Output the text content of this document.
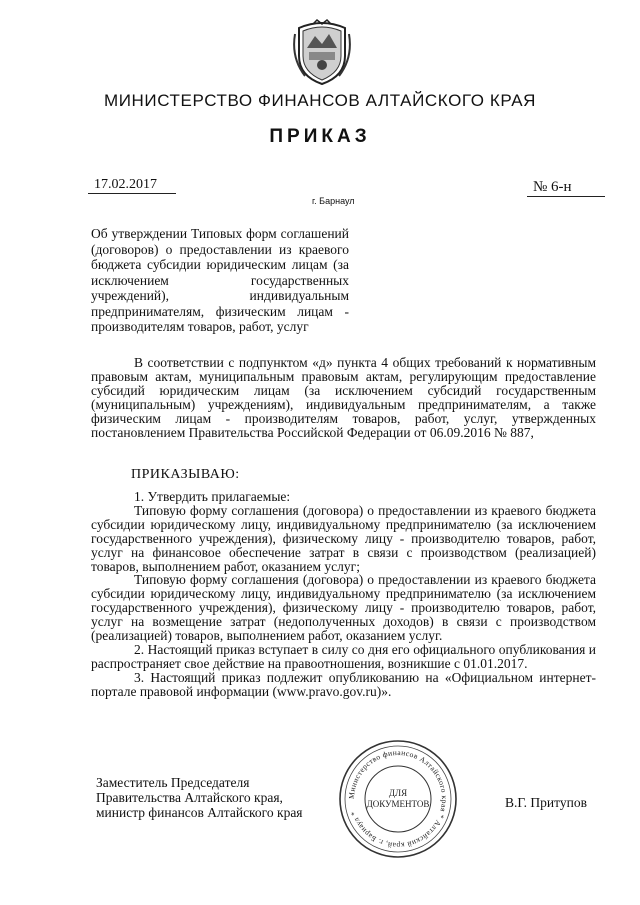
МИНИСТЕРСТВО ФИНАНСОВ АЛТАЙСКОГО КРАЯ
ПРИКАЗ
17.02.2017	№ 6-н
г. Барнаул
Об утверждении Типовых форм соглашений (договоров) о предоставлении из краевого бюджета субсидии юридическим лицам (за исключением государственных учреждений), индивидуальным предпринимателям, физическим лицам - производителям товаров, работ, услуг
В соответствии с подпунктом «д» пункта 4 общих требований к нормативным правовым актам, муниципальным правовым актам, регулирующим предоставление субсидий юридическим лицам (за исключением субсидий государственным (муниципальным) учреждениям), индивидуальным предпринимателям, а также физическим лицам - производителям товаров, работ, услуг, утвержденных постановлением Правительства Российской Федерации от 06.09.2016 № 887,
ПРИКАЗЫВАЮ:

1. Утвердить прилагаемые:

Типовую форму соглашения (договора) о предоставлении из краевого бюджета субсидии юридическому лицу, индивидуальному предпринимателю (за исключением государственного учреждения), физическому лицу - производителю товаров, работ, услуг на финансовое обеспечение затрат в связи с производством (реализацией) товаров, выполнением работ, оказанием услуг;

Типовую форму соглашения (договора) о предоставлении из краевого бюджета субсидии юридическому лицу, индивидуальному предпринимателю (за исключением государственного учреждения), физическому лицу - производителю товаров, работ, услуг на возмещение затрат (недополученных доходов) в связи с производством (реализацией) товаров, выполнением работ, оказанием услуг.

2. Настоящий приказ вступает в силу со дня его официального опубликования и распространяет свое действие на правоотношения, возникшие с 01.01.2017.

3. Настоящий приказ подлежит опубликованию на «Официальном интернет-портале правовой информации (www.pravo.gov.ru)».

Заместитель Председателя
Правительства Алтайского края,
министр финансов Алтайского края
Министерство финансов Алтайского края * Алтайский край, г. Барнаул *
ДЛЯ
ДОКУМЕНТОВ	В.Г. Притупов
